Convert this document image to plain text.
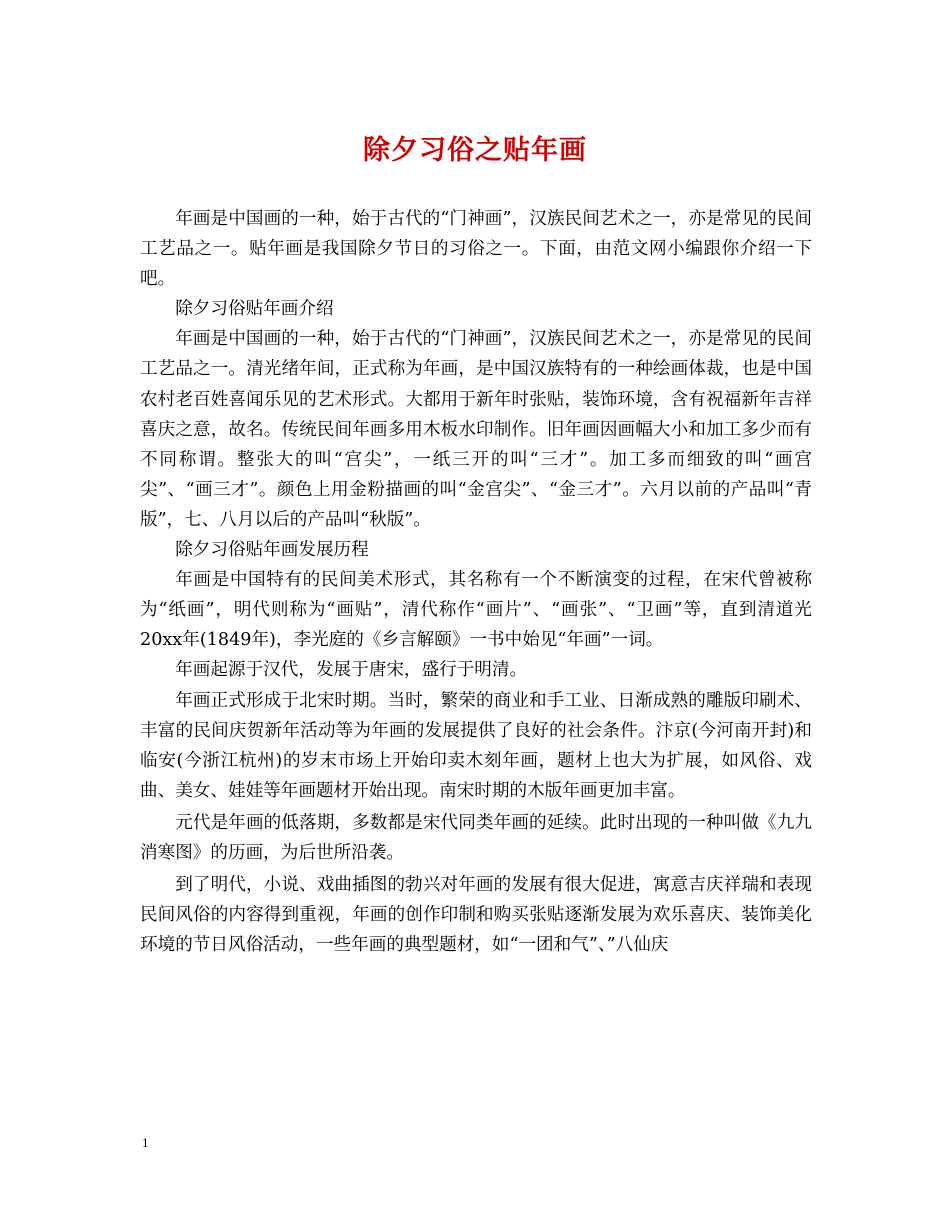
除夕习俗之贴年画

年画是中国画的一种，始于古代的“门神画”，汉族民间艺术之一，亦是常见的民间工艺品之一。贴年画是我国除夕节日的习俗之一。下面，由范文网小编跟你介绍一下吧。

除夕习俗贴年画介绍

年画是中国画的一种，始于古代的“门神画”，汉族民间艺术之一，亦是常见的民间工艺品之一。清光绪年间，正式称为年画，是中国汉族特有的一种绘画体裁，也是中国农村老百姓喜闻乐见的艺术形式。大都用于新年时张贴，装饰环境，含有祝福新年吉祥喜庆之意，故名。传统民间年画多用木板水印制作。旧年画因画幅大小和加工多少而有不同称谓。整张大的叫“宫尖”，一纸三开的叫“三才”。加工多而细致的叫“画宫尖”、“画三才”。颜色上用金粉描画的叫“金宫尖”、“金三才”。六月以前的产品叫“青版”，七、八月以后的产品叫“秋版”。

除夕习俗贴年画发展历程

年画是中国特有的民间美术形式，其名称有一个不断演变的过程，在宋代曾被称为“纸画”，明代则称为“画贴”，清代称作“画片”、“画张”、“卫画”等，直到清道光20xx年(1849年)，李光庭的《乡言解颐》一书中始见“年画”一词。

年画起源于汉代，发展于唐宋，盛行于明清。

年画正式形成于北宋时期。当时，繁荣的商业和手工业、日渐成熟的雕版印刷术、丰富的民间庆贺新年活动等为年画的发展提供了良好的社会条件。汴京(今河南开封)和临安(今浙江杭州)的岁末市场上开始印卖木刻年画，题材上也大为扩展，如风俗、戏曲、美女、娃娃等年画题材开始出现。南宋时期的木版年画更加丰富。

元代是年画的低落期，多数都是宋代同类年画的延续。此时出现的一种叫做《九九消寒图》的历画，为后世所沿袭。

到了明代，小说、戏曲插图的勃兴对年画的发展有很大促进，寓意吉庆祥瑞和表现民间风俗的内容得到重视，年画的创作印制和购买张贴逐渐发展为欢乐喜庆、装饰美化环境的节日风俗活动，一些年画的典型题材，如“一团和气”、”八仙庆

1
